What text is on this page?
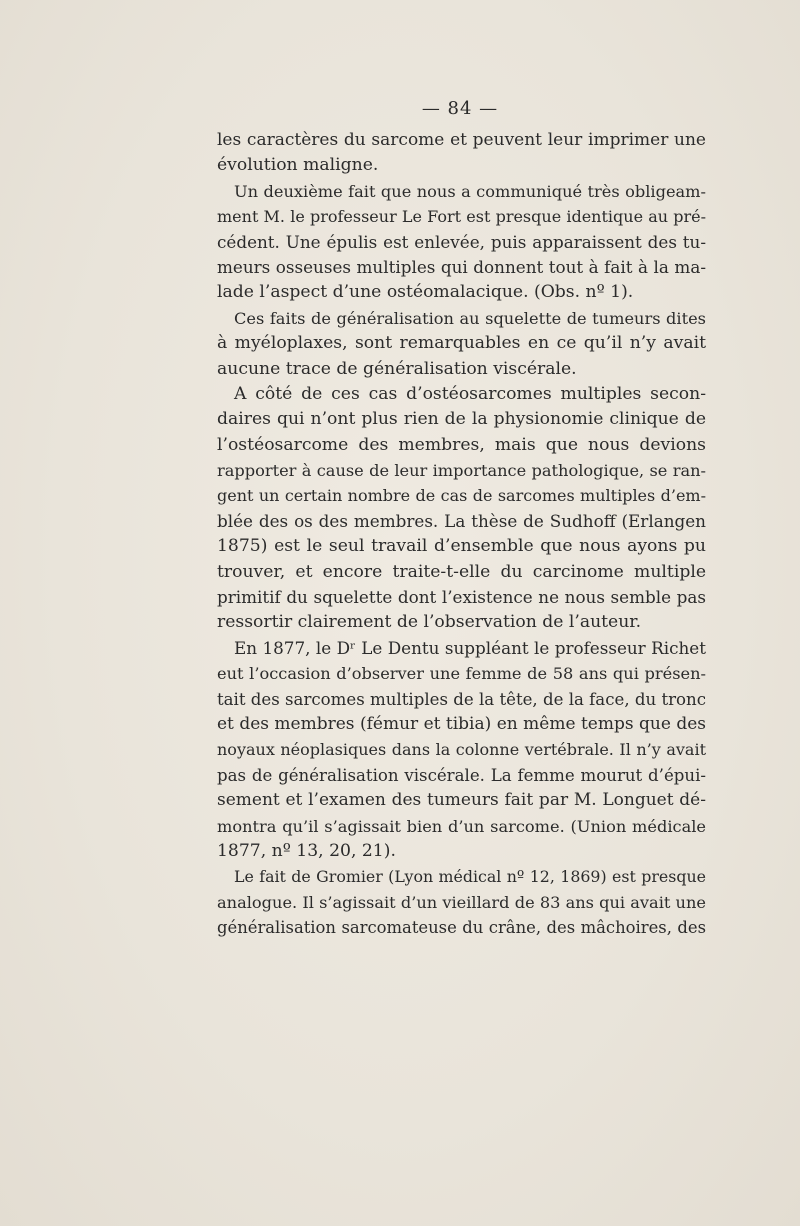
— 84 —
les caractères du sarcome et peuvent leur imprimer une
évolution maligne.
Un deuxième fait que nous a communiqué très obligeam-
ment M. le professeur Le Fort est presque identique au pré-
cédent. Une épulis est enlevée, puis apparaissent des tu-
meurs osseuses multiples qui donnent tout à fait à la ma-
lade l’aspect d’une ostéomalacique. (Obs. nº 1).
Ces faits de généralisation au squelette de tumeurs dites
à myéloplaxes, sont remarquables en ce qu’il n’y avait
aucune trace de généralisation viscérale.
A côté de ces cas d’ostéosarcomes multiples secon-
daires qui n’ont plus rien de la physionomie clinique de
l’ostéosarcome des membres, mais que nous devions
rapporter à cause de leur importance pathologique, se ran-
gent un certain nombre de cas de sarcomes multiples d’em-
blée des os des membres. La thèse de Sudhoff (Erlangen
1875) est le seul travail d’ensemble que nous ayons pu
trouver, et encore traite-t-elle du carcinome multiple
primitif du squelette dont l’existence ne nous semble pas
ressortir clairement de l’observation de l’auteur.
En 1877, le Dʳ Le Dentu suppléant le professeur Richet
eut l’occasion d’observer une femme de 58 ans qui présen-
tait des sarcomes multiples de la tête, de la face, du tronc
et des membres (fémur et tibia) en même temps que des
noyaux néoplasiques dans la colonne vertébrale. Il n’y avait
pas de généralisation viscérale. La femme mourut d’épui-
sement et l’examen des tumeurs fait par M. Longuet dé-
montra qu’il s’agissait bien d’un sarcome. (Union médicale
1877, nº 13, 20, 21).
Le fait de Gromier (Lyon médical nº 12, 1869) est presque
analogue. Il s’agissait d’un vieillard de 83 ans qui avait une
généralisation sarcomateuse du crâne, des mâchoires, des
